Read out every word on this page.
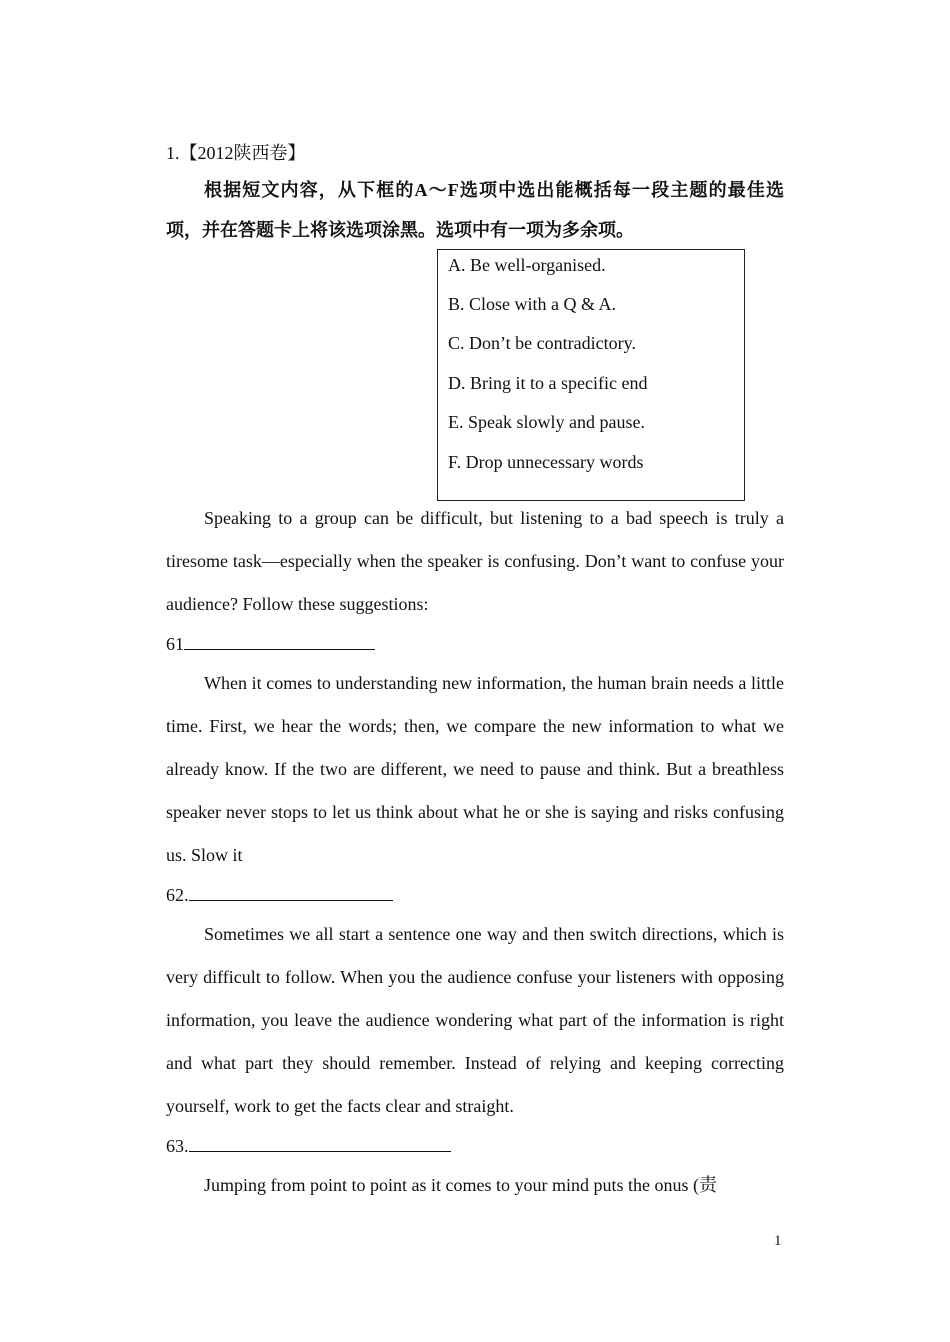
1.【2012陕西卷】
根据短文内容，从下框的A～F选项中选出能概括每一段主题的最佳选项，并在答题卡上将该选项涂黑。选项中有一项为多余项。
A. Be well-organised.
B. Close with a Q & A.
C. Don’t be contradictory.
D. Bring it to a specific end
E. Speak slowly and pause.
F. Drop unnecessary words

Speaking to a group can be difficult, but listening to a bad speech is truly a tiresome task—especially when the speaker is confusing. Don’t want to confuse your audience? Follow these suggestions:

61

When it comes to understanding new information, the human brain needs a little time. First, we hear the words; then, we compare the new information to what we already know. If the two are different, we need to pause and think. But a breathless speaker never stops to let us think about what he or she is saying and risks confusing us. Slow it

62.

Sometimes we all start a sentence one way and then switch directions, which is very difficult to follow. When you the audience confuse your listeners with opposing information, you leave the audience wondering what part of the information is right and what part they should remember. Instead of relying and keeping correcting yourself, work to get the facts clear and straight.

63.

Jumping from point to point as it comes to your mind puts the onus (责

1
